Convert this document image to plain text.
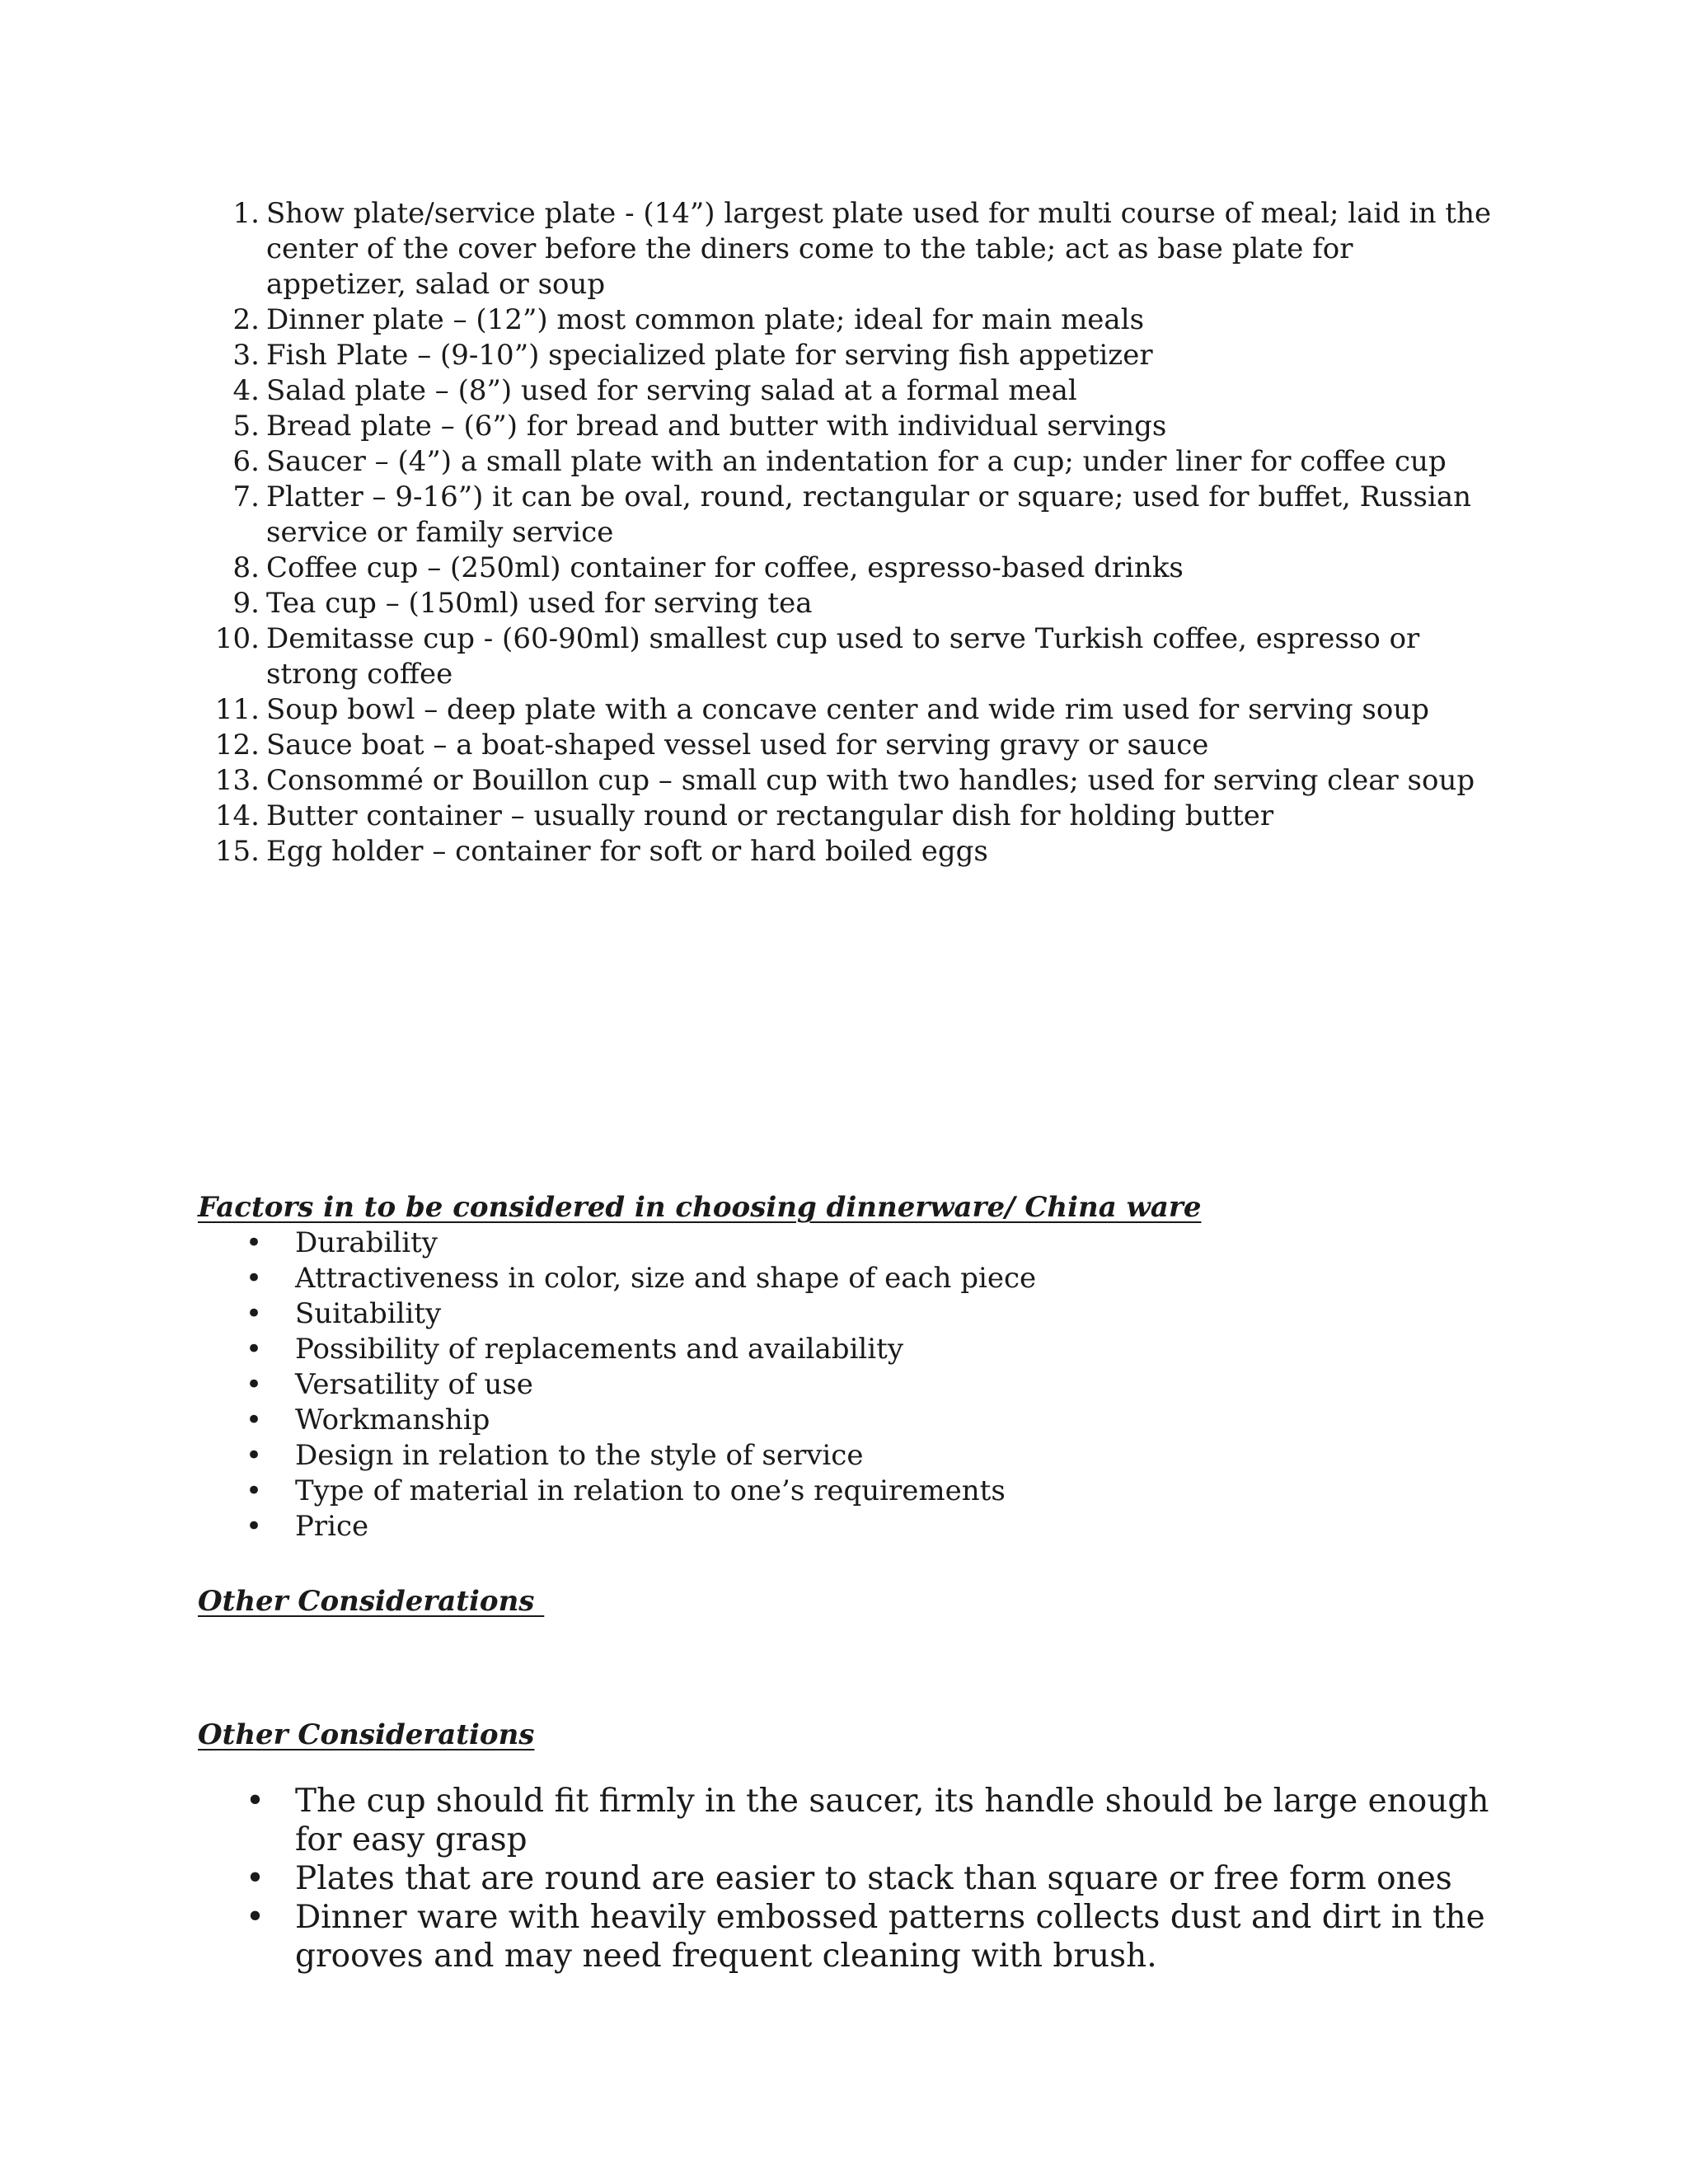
1. Show plate/service plate - (14”) largest plate used for multi course of meal; laid in the center of the cover before the diners come to the table; act as base plate for appetizer, salad or soup
2. Dinner plate – (12”) most common plate; ideal for main meals
3. Fish Plate – (9-10”) specialized plate for serving fish appetizer
4. Salad plate – (8”) used for serving salad at a formal meal
5. Bread plate – (6”) for bread and butter with individual servings
6. Saucer – (4”) a small plate with an indentation for a cup; under liner for coffee cup
7. Platter – 9-16”) it can be oval, round, rectangular or square; used for buffet, Russian service or family service
8. Coffee cup – (250ml) container for coffee, espresso-based drinks
9. Tea cup – (150ml) used for serving tea
10. Demitasse cup - (60-90ml) smallest cup used to serve Turkish coffee, espresso or strong coffee
11. Soup bowl – deep plate with a concave center and wide rim used for serving soup
12. Sauce boat – a boat-shaped vessel used for serving gravy or sauce
13. Consommé or Bouillon cup – small cup with two handles; used for serving clear soup
14. Butter container – usually round or rectangular dish for holding butter
15. Egg holder – container for soft or hard boiled eggs
Factors in to be considered in choosing dinnerware/ China ware
• Durability
• Attractiveness in color, size and shape of each piece
• Suitability
• Possibility of replacements and availability
• Versatility of use
• Workmanship
• Design in relation to the style of service
• Type of material in relation to one’s requirements
• Price
Other Considerations
Other Considerations
• The cup should fit firmly in the saucer, its handle should be large enough for easy grasp
• Plates that are round are easier to stack than square or free form ones
• Dinner ware with heavily embossed patterns collects dust and dirt in the grooves and may need frequent cleaning with brush.
